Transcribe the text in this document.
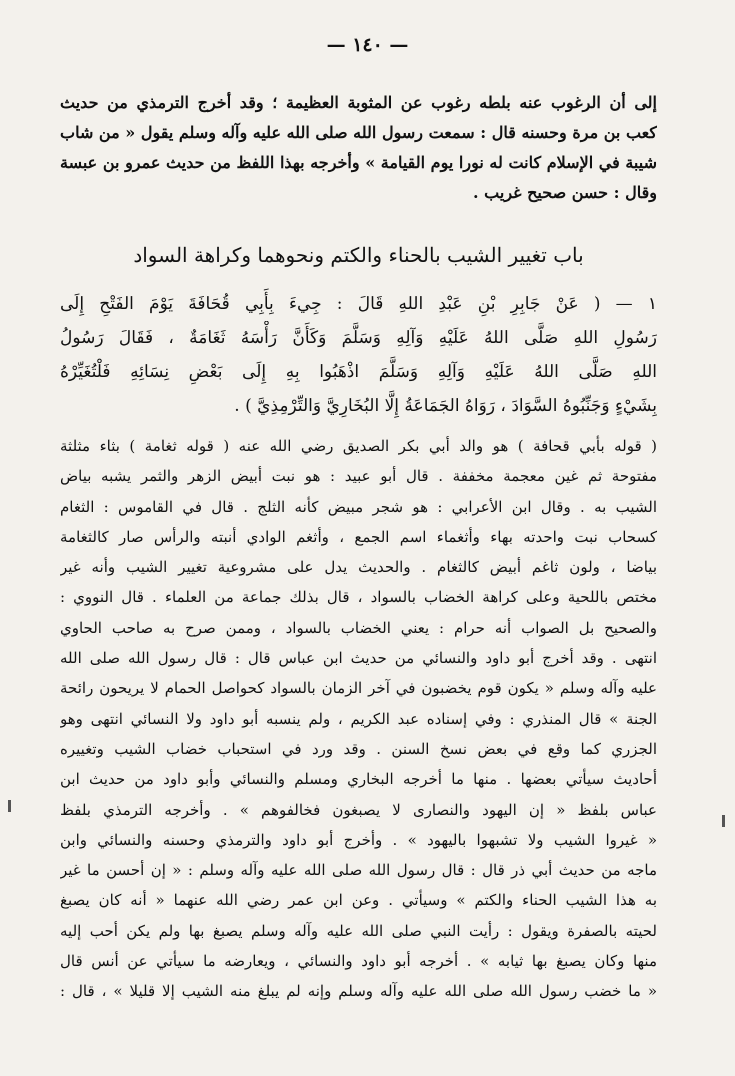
— ١٤٠ —
إلى أن الرغوب عنه بلطه رغوب عن المثوبة العظيمة ؛ وقد أخرج الترمذي من حديث
كعب بن مرة وحسنه قال : سمعت رسول الله صلى الله عليه وآله وسلم يقول « من شاب
شيبة في الإسلام كانت له نورا يوم القيامة » وأخرجه بهذا اللفظ من حديث عمرو بن عبسة
وقال : حسن صحيح غريب .
باب تغيير الشيب بالحناء والكتم ونحوهما وكراهة السواد
١ — ( عَنْ جَابِرِ بْنِ عَبْدِ اللهِ قَالَ : جِيءَ بِأَبِي قُحَافَةَ يَوْمَ الفَتْحِ إِلَى
رَسُولِ اللهِ صَلَّى اللهُ عَلَيْهِ وَآلِهِ وَسَلَّمَ وَكَأَنَّ رَأْسَهُ ثَغَامَةٌ ، فَقَالَ رَسُولُ
اللهِ صَلَّى اللهُ عَلَيْهِ وَآلِهِ وَسَلَّمَ اذْهَبُوا بِهِ إِلَى بَعْضِ نِسَائِهِ فَلْتُغَيِّرْهُ
بِشَيْءٍ وَجَنِّبُوهُ السَّوَادَ ، رَوَاهُ الجَمَاعَةُ إِلَّا البُخَارِيَّ وَالتِّرْمِذِيَّ ) .
( قوله بأبي قحافة ) هو والد أبي بكر الصديق رضي الله عنه ( قوله ثغامة ) بثاء مثلثة
مفتوحة ثم غين معجمة مخففة . قال أبو عبيد : هو نبت أبيض الزهر والثمر يشبه بياض
الشيب به . وقال ابن الأعرابي : هو شجر مبيض كأنه الثلج . قال في القاموس : الثغام
كسحاب نبت واحدته بهاء وأثغماء اسم الجمع ، وأثغم الوادي أنبته والرأس صار كالثغامة
بياضا ، ولون ثاغم أبيض كالثغام . والحديث يدل على مشروعية تغيير الشيب وأنه غير
مختص باللحية وعلى كراهة الخضاب بالسواد ، قال بذلك جماعة من العلماء . قال النووي :
والصحيح بل الصواب أنه حرام : يعني الخضاب بالسواد ، وممن صرح به صاحب الحاوي
انتهى . وقد أخرج أبو داود والنسائي من حديث ابن عباس قال : قال رسول الله صلى الله
عليه وآله وسلم « يكون قوم يخضبون في آخر الزمان بالسواد كحواصل الحمام لا يريحون رائحة
الجنة » قال المنذري : وفي إسناده عبد الكريم ، ولم ينسبه أبو داود ولا النسائي انتهى وهو
الجزري كما وقع في بعض نسخ السنن . وقد ورد في استحباب خضاب الشيب وتغييره
أحاديث سيأتي بعضها . منها ما أخرجه البخاري ومسلم والنسائي وأبو داود من حديث ابن
عباس بلفظ « إن اليهود والنصارى لا يصبغون فخالفوهم » . وأخرجه الترمذي بلفظ
« غيروا الشيب ولا تشبهوا باليهود » . وأخرج أبو داود والترمذي وحسنه والنسائي وابن
ماجه من حديث أبي ذر قال : قال رسول الله صلى الله عليه وآله وسلم : « إن أحسن ما غير
به هذا الشيب الحناء والكتم » وسيأتي . وعن ابن عمر رضي الله عنهما « أنه كان يصبغ
لحيته بالصفرة ويقول : رأيت النبي صلى الله عليه وآله وسلم يصبغ بها ولم يكن أحب إليه
منها وكان يصبغ بها ثيابه » . أخرجه أبو داود والنسائي ، ويعارضه ما سيأتي عن أنس قال
« ما خضب رسول الله صلى الله عليه وآله وسلم وإنه لم يبلغ منه الشيب إلا قليلا » ، قال :
